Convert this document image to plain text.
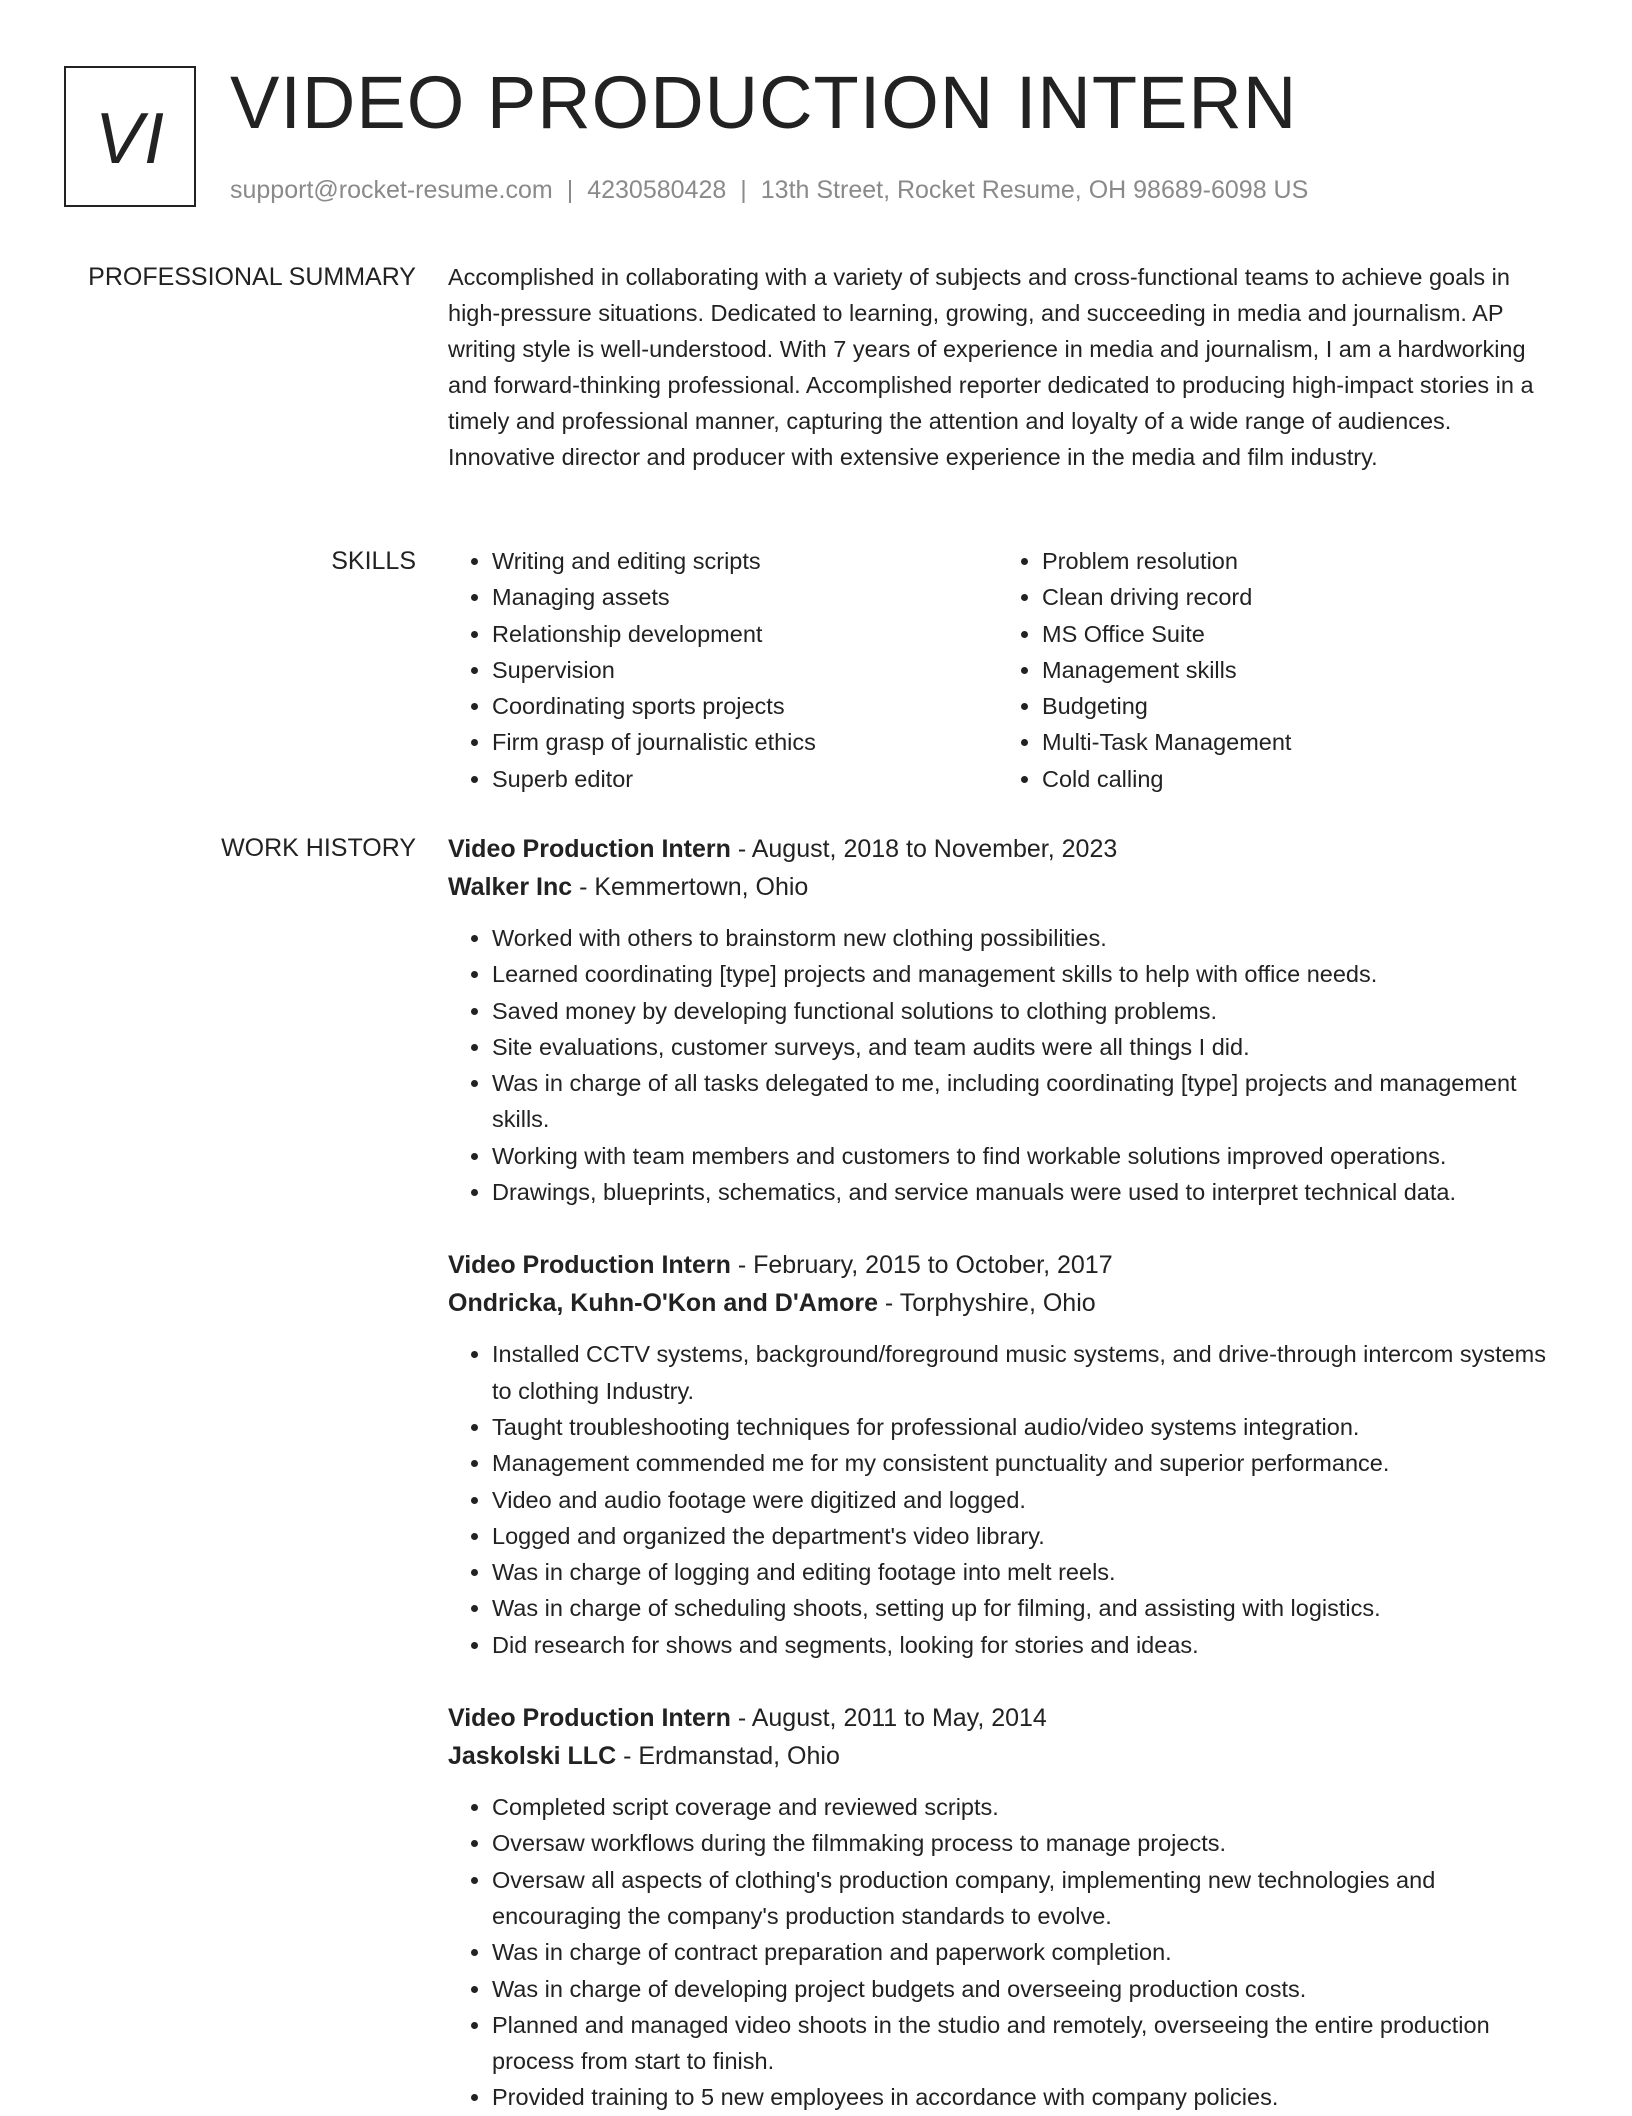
VI VIDEO PRODUCTION INTERN
support@rocket-resume.com | 4230580428 | 13th Street, Rocket Resume, OH 98689-6098 US
PROFESSIONAL SUMMARY Accomplished in collaborating with a variety of subjects and cross-functional teams to achieve goals in high-pressure situations. Dedicated to learning, growing, and succeeding in media and journalism. AP writing style is well-understood. With 7 years of experience in media and journalism, I am a hardworking and forward-thinking professional. Accomplished reporter dedicated to producing high-impact stories in a timely and professional manner, capturing the attention and loyalty of a wide range of audiences. Innovative director and producer with extensive experience in the media and film industry.

SKILLS
•	Writing and editing scripts
• Managing assets
• Relationship development
• Supervision
• Coordinating sports projects
• Firm grasp of journalistic ethics
• Superb editor
• Problem resolution
• Clean driving record
• MS Office Suite
• Management skills
• Budgeting
• Multi-Task Management
• Cold calling
WORK HISTORY Video Production Intern - August, 2018 to November, 2023
Walker Inc - Kemmertown, Ohio
• Worked with others to brainstorm new clothing possibilities.
• Learned coordinating [type] projects and management skills to help with office needs.
• Saved money by developing functional solutions to clothing problems.
• Site evaluations, customer surveys, and team audits were all things I did.
• Was in charge of all tasks delegated to me, including coordinating [type] projects and management skills.
• Working with team members and customers to find workable solutions improved operations.
• Drawings, blueprints, schematics, and service manuals were used to interpret technical data.
Video Production Intern - February, 2015 to October, 2017
Ondricka, Kuhn-O'Kon and D'Amore - Torphyshire, Ohio
• Installed CCTV systems, background/foreground music systems, and drive-through intercom systems to clothing Industry.
• Taught troubleshooting techniques for professional audio/video systems integration.
• Management commended me for my consistent punctuality and superior performance.
• Video and audio footage were digitized and logged.
• Logged and organized the department's video library.
• Was in charge of logging and editing footage into melt reels.
• Was in charge of scheduling shoots, setting up for filming, and assisting with logistics.
• Did research for shows and segments, looking for stories and ideas.
Video Production Intern - August, 2011 to May, 2014
Jaskolski LLC - Erdmanstad, Ohio
• Completed script coverage and reviewed scripts.
• Oversaw workflows during the filmmaking process to manage projects.
• Oversaw all aspects of clothing's production company, implementing new technologies and encouraging the company's production standards to evolve.
• Was in charge of contract preparation and paperwork completion.
• Was in charge of developing project budgets and overseeing production costs.
• Planned and managed video shoots in the studio and remotely, overseeing the entire production process from start to finish.
• Provided training to 5 new employees in accordance with company policies.
